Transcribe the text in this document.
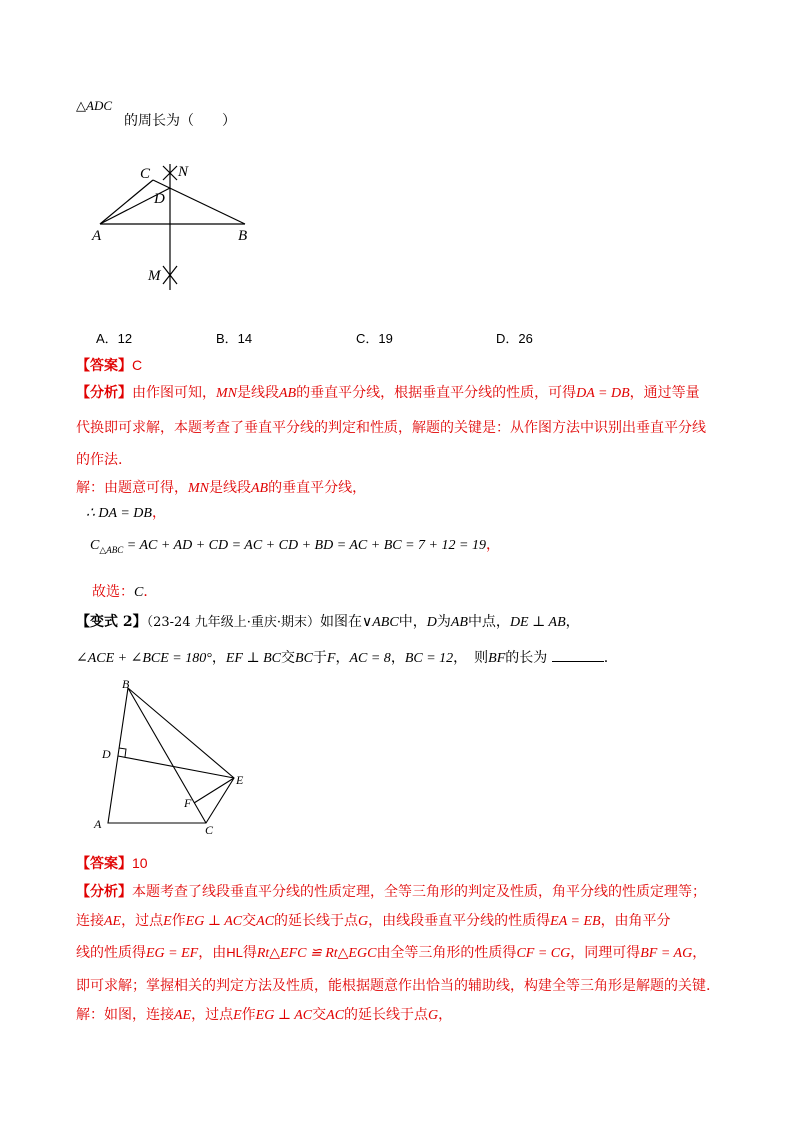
△ADC
的周长为（　　）
C N
D
A	B
M
A．12	B．14	C．19	D．26
【答案】C
【分析】由作图可知，MN是线段AB的垂直平分线，根据垂直平分线的性质，可得DA = DB，通过等量
代换即可求解，本题考查了垂直平分线的判定和性质，解题的关键是：从作图方法中识别出垂直平分线
的作法.
解：由题意可得，MN是线段AB的垂直平分线，
∴ DA = DB，
$C_{\triangle ABC}$ = AC + AD + CD = AC + CD + BD = AC + BC = 7 + 12 = 19，
故选：C．
【变式 2】（23-24 九年级上·重庆·期末）如图在∨ABC中，D为AB中点，DE ⊥ AB，
∠ACE + ∠BCE = 180°，EF ⊥ BC交BC于F，AC = 8，BC = 12，　则BF的长为	.
B
D
E
F
A	C
【答案】10
【分析】本题考查了线段垂直平分线的性质定理，全等三角形的判定及性质，角平分线的性质定理等；
连接AE，过点E作EG ⊥ AC交AC的延长线于点G，由线段垂直平分线的性质得EA = EB，由角平分
线的性质得EG = EF，由HL得Rt△EFC ≌ Rt△EGC由全等三角形的性质得CF = CG，同理可得BF = AG，
即可求解；掌握相关的判定方法及性质，能根据题意作出恰当的辅助线，构建全等三角形是解题的关键.
解：如图，连接AE，过点E作EG ⊥ AC交AC的延长线于点G，
